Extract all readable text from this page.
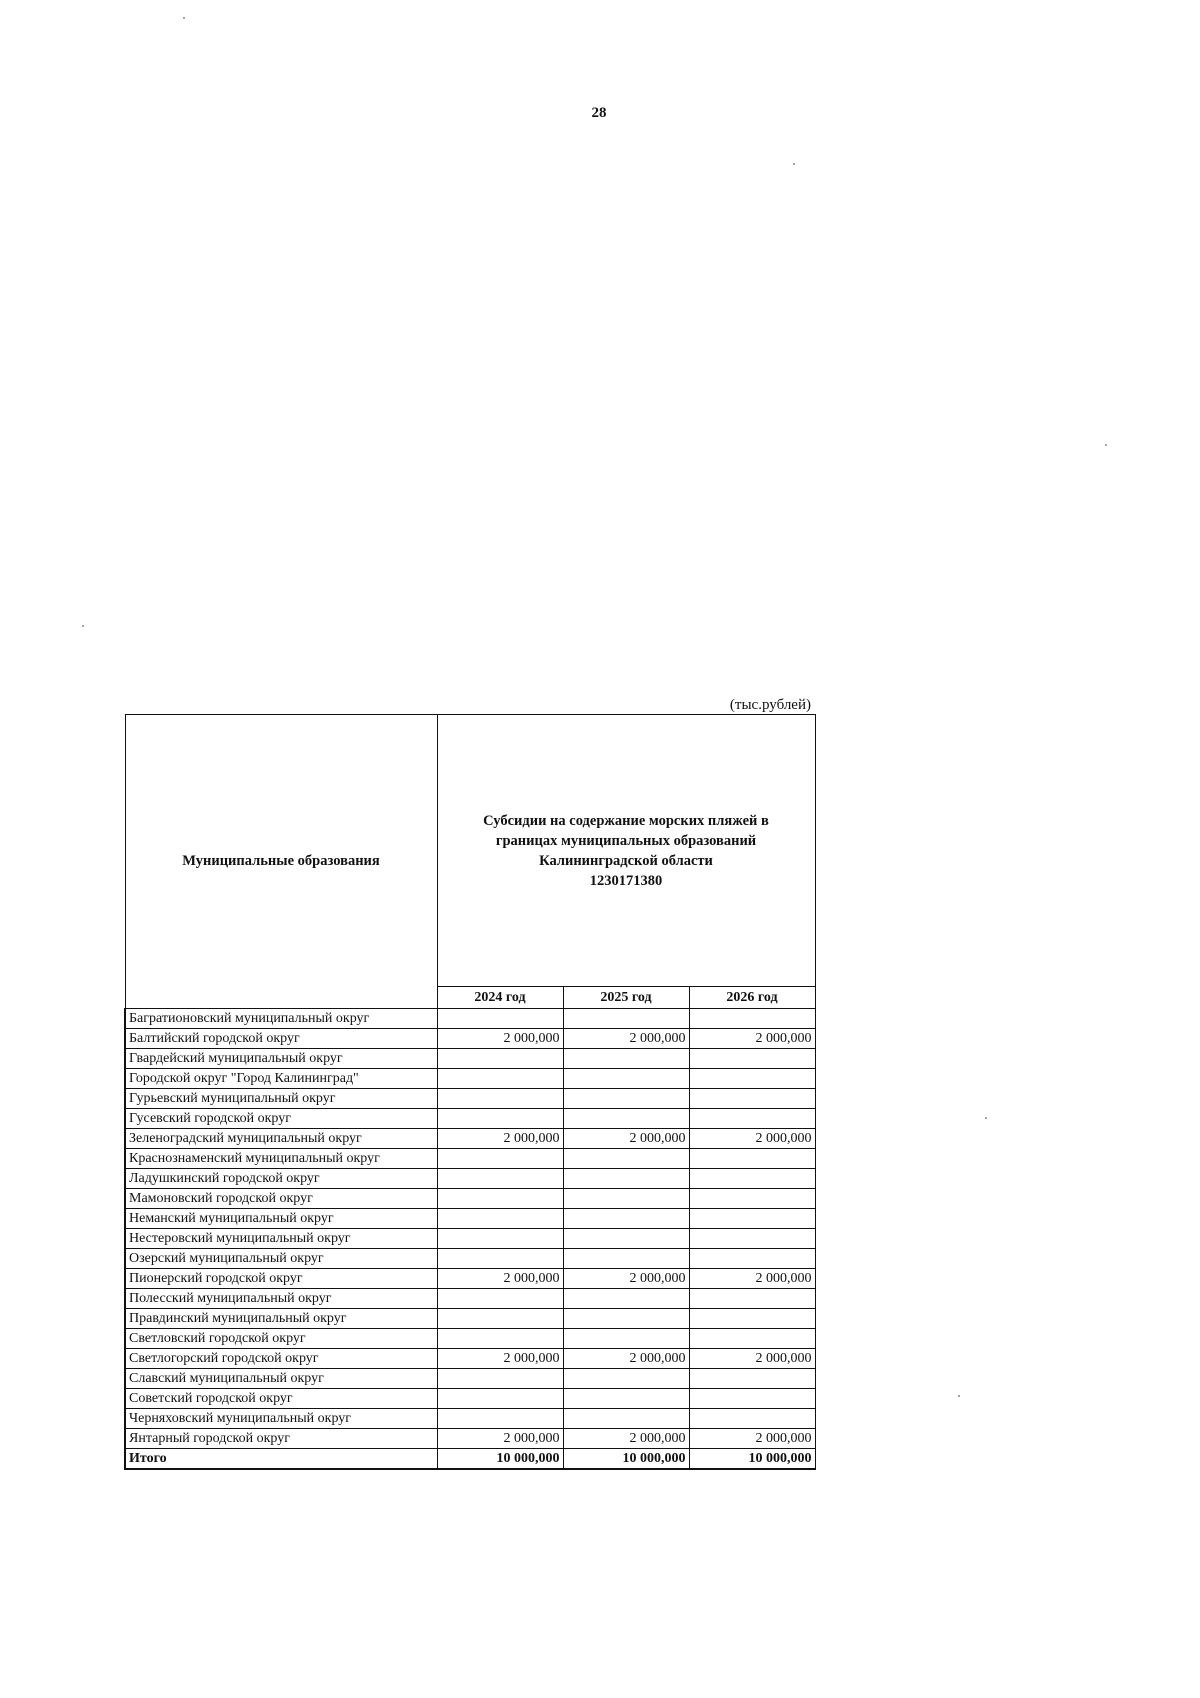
28
(тыс.рублей)
Муниципальные образования	Субсидии на содержание морских пляжей в
границах муниципальных образований
Калининградской области
1230171380		
	2024 год	2025 год	2026 год
Багратионовский муниципальный округ			
Балтийский городской округ	2 000,000	2 000,000	2 000,000
Гвардейский муниципальный округ			
Городской округ "Город Калининград"			
Гурьевский муниципальный округ			
Гусевский городской округ			
Зеленоградский муниципальный округ	2 000,000	2 000,000	2 000,000
Краснознаменский муниципальный округ			
Ладушкинский городской округ			
Мамоновский городской округ			
Неманский муниципальный округ			
Нестеровский муниципальный округ			
Озерский муниципальный округ			
Пионерский городской округ	2 000,000	2 000,000	2 000,000
Полесский муниципальный округ			
Правдинский муниципальный округ			
Светловский городской округ			
Светлогорский городской округ	2 000,000	2 000,000	2 000,000
Славский муниципальный округ			
Советский городской округ			
Черняховский муниципальный округ			
Янтарный городской округ	2 000,000	2 000,000	2 000,000
Итого	10 000,000	10 000,000	10 000,000
